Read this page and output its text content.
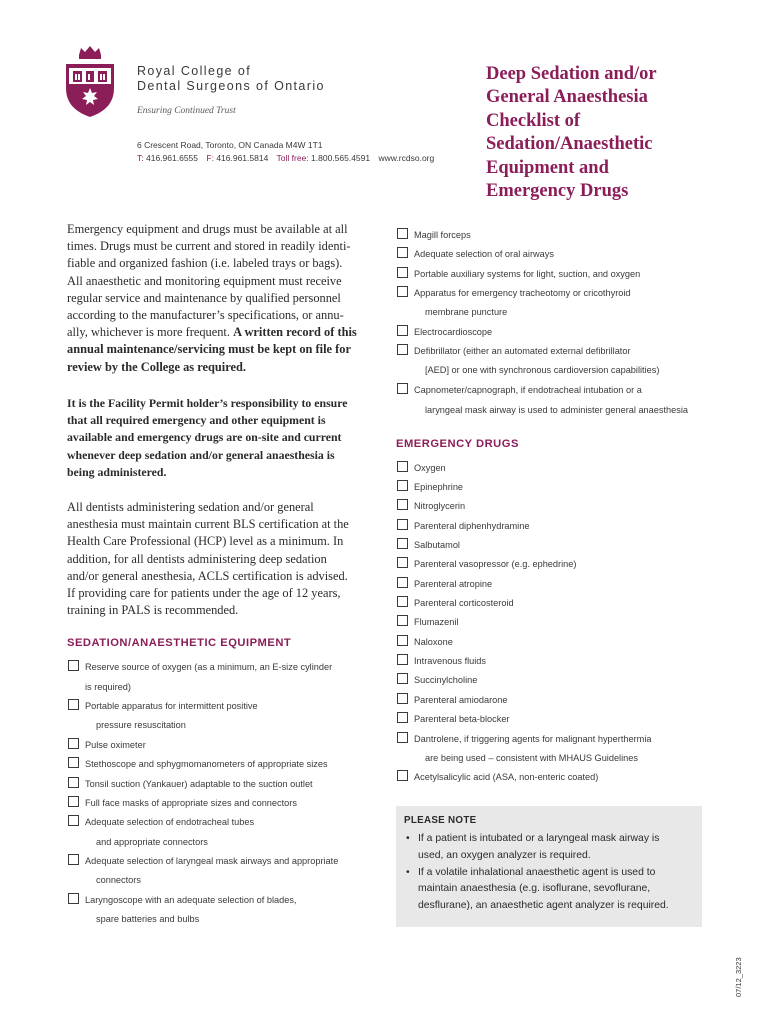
Royal College of
Dental Surgeons of Ontario
Ensuring Continued Trust
6 Crescent Road, Toronto, ON Canada M4W 1T1
T: 416.961.6555 F: 416.961.5814 Toll free: 1.800.565.4591 www.rcdso.org
Deep Sedation and/or
General Anaesthesia
Checklist of
Sedation/Anaesthetic
Equipment and
Emergency Drugs
Emergency equipment and drugs must be available at all
times. Drugs must be current and stored in readily identi-
fiable and organized fashion (i.e. labeled trays or bags).
All anaesthetic and monitoring equipment must receive
regular service and maintenance by qualified personnel
according to the manufacturer’s specifications, or annu-
ally, whichever is more frequent. A written record of this
annual maintenance/servicing must be kept on file for
review by the College as required.
It is the Facility Permit holder’s responsibility to ensure
that all required emergency and other equipment is
available and emergency drugs are on-site and current
whenever deep sedation and/or general anaesthesia is
being administered.
All dentists administering sedation and/or general
anesthesia must maintain current BLS certification at the
Health Care Professional (HCP) level as a minimum. In
addition, for all dentists administering deep sedation
and/or general anesthesia, ACLS certification is advised.
If providing care for patients under the age of 12 years,
training in PALS is recommended.
SEDATION/ANAESTHETIC EQUIPMENT
Reserve source of oxygen (as a minimum, an E-size cylinder
is required)
Portable apparatus for intermittent positive
pressure resuscitation
Pulse oximeter
Stethoscope and sphygmomanometers of appropriate sizes
Tonsil suction (Yankauer) adaptable to the suction outlet
Full face masks of appropriate sizes and connectors
Adequate selection of endotracheal tubes
and appropriate connectors
Adequate selection of laryngeal mask airways and appropriate
connectors
Laryngoscope with an adequate selection of blades,
spare batteries and bulbs
Magill forceps
Adequate selection of oral airways
Portable auxiliary systems for light, suction, and oxygen
Apparatus for emergency tracheotomy or cricothyroid
membrane puncture
Electrocardioscope
Defibrillator (either an automated external defibrillator
[AED] or one with synchronous cardioversion capabilities)
Capnometer/capnograph, if endotracheal intubation or a
laryngeal mask airway is used to administer general anaesthesia
EMERGENCY DRUGS
Oxygen
Epinephrine
Nitroglycerin
Parenteral diphenhydramine
Salbutamol
Parenteral vasopressor (e.g. ephedrine)
Parenteral atropine
Parenteral corticosteroid
Flumazenil
Naloxone
Intravenous fluids
Succinylcholine
Parenteral amiodarone
Parenteral beta-blocker
Dantrolene, if triggering agents for malignant hyperthermia
are being used – consistent with MHAUS Guidelines
Acetylsalicylic acid (ASA, non-enteric coated)
PLEASE NOTE
• If a patient is intubated or a laryngeal mask airway is
used, an oxygen analyzer is required.
• If a volatile inhalational anaesthetic agent is used to
maintain anaesthesia (e.g. isoflurane, sevoflurane,
desflurane), an anaesthetic agent analyzer is required.
07/12_3223
